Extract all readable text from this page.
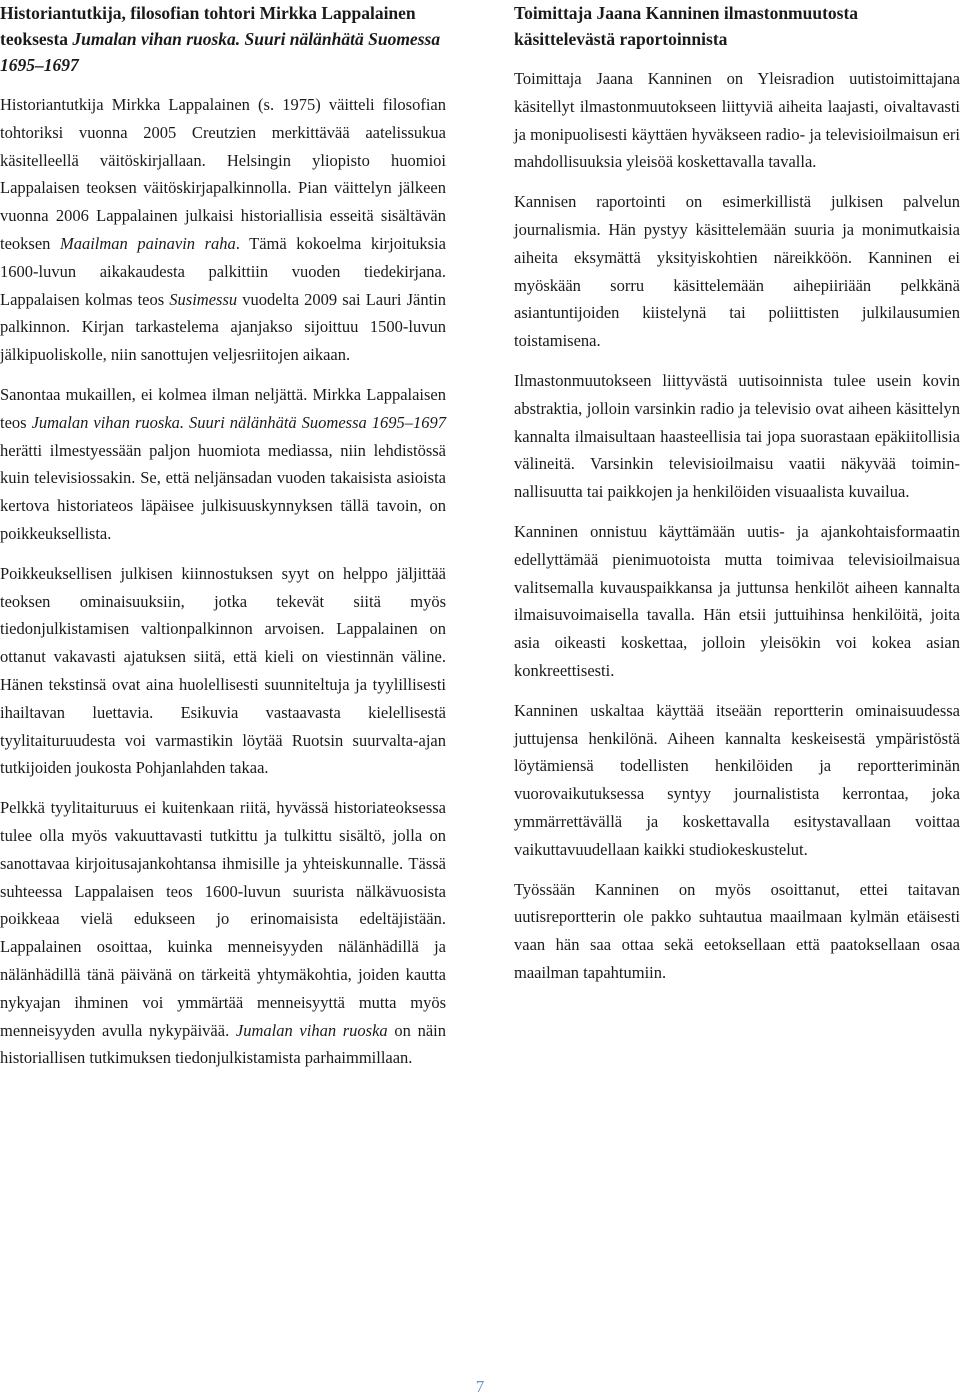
Historiantutkija, filosofian tohtori Mirkka Lappalainen teoksesta Jumalan vihan ruoska. Suuri nälänhätä Suomessa 1695–1697
Historiantutkija Mirkka Lappalainen (s. 1975) väitteli filosofian tohtoriksi vuonna 2005 Creutzien merkittävää aatelissukua käsitelleellä väitöskirjallaan. Helsingin yliopisto huomioi Lappalaisen teoksen väitöskirjapalkinnolla. Pian väittelyn jälkeen vuonna 2006 Lappalainen julkaisi historiallisia esseitä sisältävän teoksen Maailman painavin raha. Tämä kokoelma kirjoituksia 1600-luvun aikakaudesta palkittiin vuoden tiedekirjana. Lappalaisen kolmas teos Susimessu vuodelta 2009 sai Lauri Jäntin palkinnon. Kirjan tarkastelema ajanjakso sijoittuu 1500-luvun jälkipuoliskolle, niin sanottujen veljesriitojen aikaan.
Sanontaa mukaillen, ei kolmea ilman neljättä. Mirkka Lappalaisen teos Jumalan vihan ruoska. Suuri nälänhätä Suomessa 1695–1697 herätti ilmestyessään paljon huomiota mediassa, niin lehdistössä kuin televisiossakin. Se, että neljänsadan vuoden takaisista asioista kertova historiateos läpäisee julkisuuskynnyksen tällä tavoin, on poikkeuksellista.
Poikkeuksellisen julkisen kiinnostuksen syyt on helppo jäljittää teoksen ominaisuuksiin, jotka tekevät siitä myös tiedonjulkistamisen valtionpalkinnon arvoisen. Lappalainen on ottanut vakavasti ajatuksen siitä, että kieli on viestinnän väline. Hänen tekstinsä ovat aina huolellisesti suunniteltuja ja tyylillisesti ihailtavan luettavia. Esikuvia vastaavasta kielellisestä tyylitaituruudesta voi varmastikin löytää Ruotsin suurvalta-ajan tutkijoiden joukosta Pohjanlahden takaa.
Pelkkä tyylitaituruus ei kuitenkaan riitä, hyvässä historiateoksessa tulee olla myös vakuuttavasti tutkittu ja tulkittu sisältö, jolla on sanottavaa kirjoitusajankohtansa ihmisille ja yhteiskunnalle. Tässä suhteessa Lappalaisen teos 1600-luvun suurista nälkävuosista poikkeaa vielä edukseen jo erinomaisista edeltäjistään. Lappalainen osoittaa, kuinka menneisyyden nälänhädillä ja nälänhädillä tänä päivänä on tärkeitä yhtymäkohtia, joiden kautta nykyajan ihminen voi ymmärtää menneisyyttä mutta myös menneisyyden avulla nykypäivää. Jumalan vihan ruoska on näin historiallisen tutkimuksen tiedonjulkistamista parhaimmillaan.
Toimittaja Jaana Kanninen ilmastonmuutosta käsittelevästä raportoinnista
Toimittaja Jaana Kanninen on Yleisradion uutistoimittajana käsitellyt ilmastonmuutokseen liittyviä aiheita laajasti, oivaltavasti ja monipuolisesti käyttäen hyväkseen radio- ja televisioilmaisun eri mahdollisuuksia yleisöä koskettavalla tavalla.
Kannisen raportointi on esimerkillistä julkisen palvelun journalismia. Hän pystyy käsittelemään suuria ja monimutkaisia aiheita eksymättä yksityiskohtien näreikköön. Kanninen ei myöskään sorru käsittelemään aihepiiriään pelkkänä asiantuntijoiden kiistelynä tai poliittisten julkilausumien toistamisena.
Ilmastonmuutokseen liittyvästä uutisoinnista tulee usein kovin abstraktia, jolloin varsinkin radio ja televisio ovat aiheen käsittelyn kannalta ilmaisultaan haasteellisia tai jopa suorastaan epäkiitollisia välineitä. Varsinkin televisioilmaisu vaatii näkyvää toiminnallisuutta tai paikkojen ja henkilöiden visuaalista kuvailua.
Kanninen onnistuu käyttämään uutis- ja ajankohtaisformaatin edellyttämää pienimuotoista mutta toimivaa televisioilmaisua valitsemalla kuvauspaikkansa ja juttunsa henkilöt aiheen kannalta ilmaisuvoimaisella tavalla. Hän etsii juttuihinsa henkilöitä, joita asia oikeasti koskettaa, jolloin yleisökin voi kokea asian konkreettisesti.
Kanninen uskaltaa käyttää itseään reportterin ominaisuudessa juttujensa henkilönä. Aiheen kannalta keskeisestä ympäristöstä löytämiensä todellisten henkilöiden ja reportteriminän vuorovaikutuksessa syntyy journalistista kerrontaa, joka ymmärrettävällä ja koskettavalla esitystavallaan voittaa vaikuttavuudellaan kaikki studiokeskustelut.
Työssään Kanninen on myös osoittanut, ettei taitavan uutisreportterin ole pakko suhtautua maailmaan kylmän etäisesti vaan hän saa ottaa sekä eetoksellaan että paatoksellaan osaa maailman tapahtumiin.
7
